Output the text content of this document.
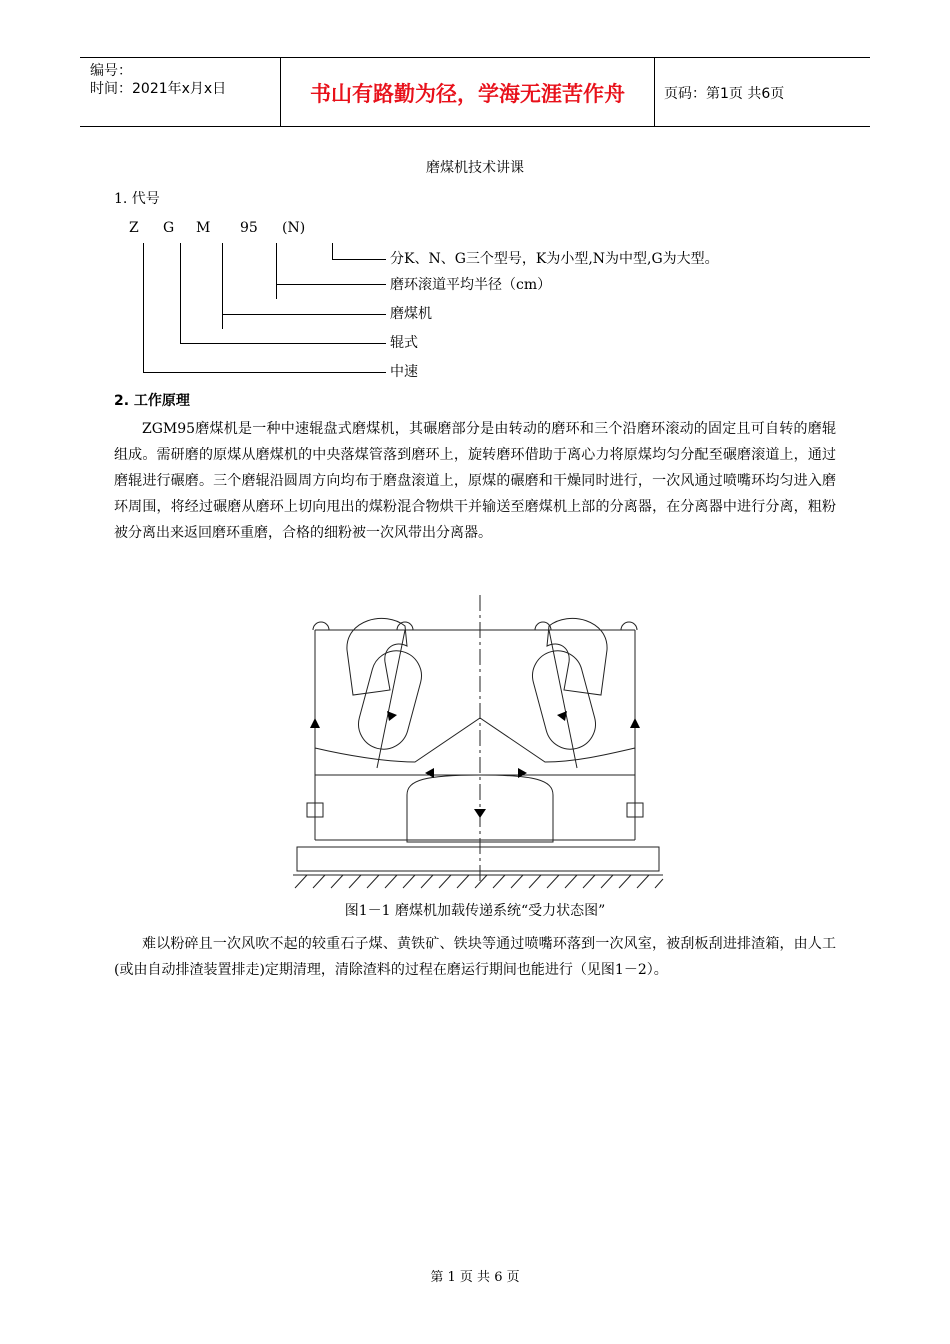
编号：
时间：2021年x月x日	书山有路勤为径，学海无涯苦作舟	页码：第1页 共6页
磨煤机技术讲课
1. 代号
Z G M 95 (N)
分K、N、G三个型号，K为小型,N为中型,G为大型。
磨环滚道平均半径（cm）
磨煤机
辊式
中速
2. 工作原理
ZGM95磨煤机是一种中速辊盘式磨煤机，其碾磨部分是由转动的磨环和三个沿磨环滚动的固定且可自转的磨辊组成。需研磨的原煤从磨煤机的中央落煤管落到磨环上，旋转磨环借助于离心力将原煤均匀分配至碾磨滚道上，通过磨辊进行碾磨。三个磨辊沿圆周方向均布于磨盘滚道上，原煤的碾磨和干燥同时进行，一次风通过喷嘴环均匀进入磨环周围，将经过碾磨从磨环上切向甩出的煤粉混合物烘干并输送至磨煤机上部的分离器，在分离器中进行分离，粗粉被分离出来返回磨环重磨，合格的细粉被一次风带出分离器。
图1－1 磨煤机加载传递系统“受力状态图”
难以粉碎且一次风吹不起的较重石子煤、黄铁矿、铁块等通过喷嘴环落到一次风室，被刮板刮进排渣箱，由人工(或由自动排渣装置排走)定期清理，清除渣料的过程在磨运行期间也能进行（见图1－2）。
第 1 页 共 6 页
